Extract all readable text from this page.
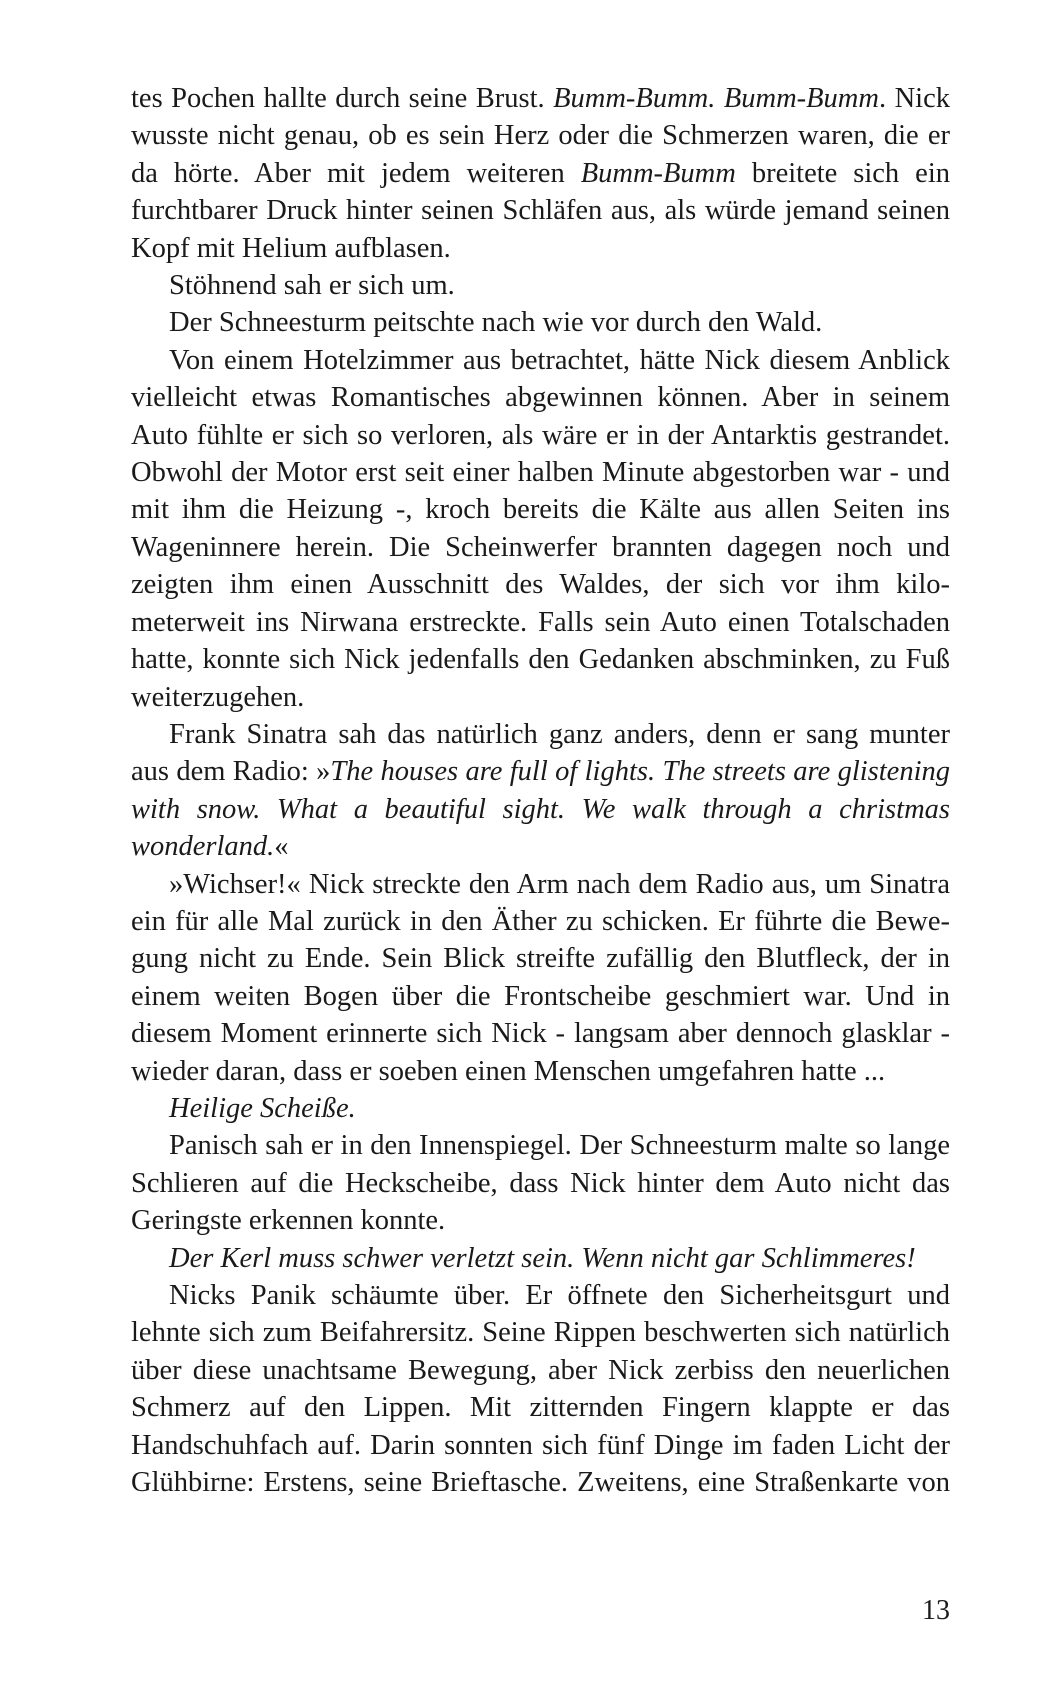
tes Pochen hallte durch seine Brust. Bumm-Bumm. Bumm-Bumm. Nick wusste nicht genau, ob es sein Herz oder die Schmerzen waren, die er da hörte. Aber mit jedem weiteren Bumm-Bumm breitete sich ein furchtbarer Druck hinter seinen Schläfen aus, als würde jemand seinen Kopf mit Helium aufblasen.

Stöhnend sah er sich um.

Der Schneesturm peitschte nach wie vor durch den Wald.

Von einem Hotelzimmer aus betrachtet, hätte Nick diesem Anblick vielleicht etwas Romantisches abgewinnen können. Aber in seinem Auto fühlte er sich so verloren, als wäre er in der Antarktis gestrandet. Obwohl der Motor erst seit einer halben Minute abgestorben war - und mit ihm die Heizung -, kroch bereits die Kälte aus allen Seiten ins Wageninnere herein. Die Scheinwerfer brannten dagegen noch und zeigten ihm einen Ausschnitt des Waldes, der sich vor ihm kilometerweit ins Nirwana erstreckte. Falls sein Auto einen Totalschaden hatte, konnte sich Nick jedenfalls den Gedanken abschminken, zu Fuß weiterzugehen.

Frank Sinatra sah das natürlich ganz anders, denn er sang munter aus dem Radio: »The houses are full of lights. The streets are glistening with snow. What a beautiful sight. We walk through a christmas wonderland.«

»Wichser!« Nick streckte den Arm nach dem Radio aus, um Sinatra ein für alle Mal zurück in den Äther zu schicken. Er führte die Bewegung nicht zu Ende. Sein Blick streifte zufällig den Blutfleck, der in einem weiten Bogen über die Frontscheibe geschmiert war. Und in diesem Moment erinnerte sich Nick - langsam aber dennoch glasklar - wieder daran, dass er soeben einen Menschen umgefahren hatte ...

Heilige Scheiße.

Panisch sah er in den Innenspiegel. Der Schneesturm malte so lange Schlieren auf die Heckscheibe, dass Nick hinter dem Auto nicht das Geringste erkennen konnte.

Der Kerl muss schwer verletzt sein. Wenn nicht gar Schlimmeres!

Nicks Panik schäumte über. Er öffnete den Sicherheitsgurt und lehnte sich zum Beifahrersitz. Seine Rippen beschwerten sich natürlich über diese unachtsame Bewegung, aber Nick zerbiss den neuerlichen Schmerz auf den Lippen. Mit zitternden Fingern klappte er das Handschuhfach auf. Darin sonnten sich fünf Dinge im faden Licht der Glühbirne: Erstens, seine Brieftasche. Zweitens, eine Straßenkarte von

13
